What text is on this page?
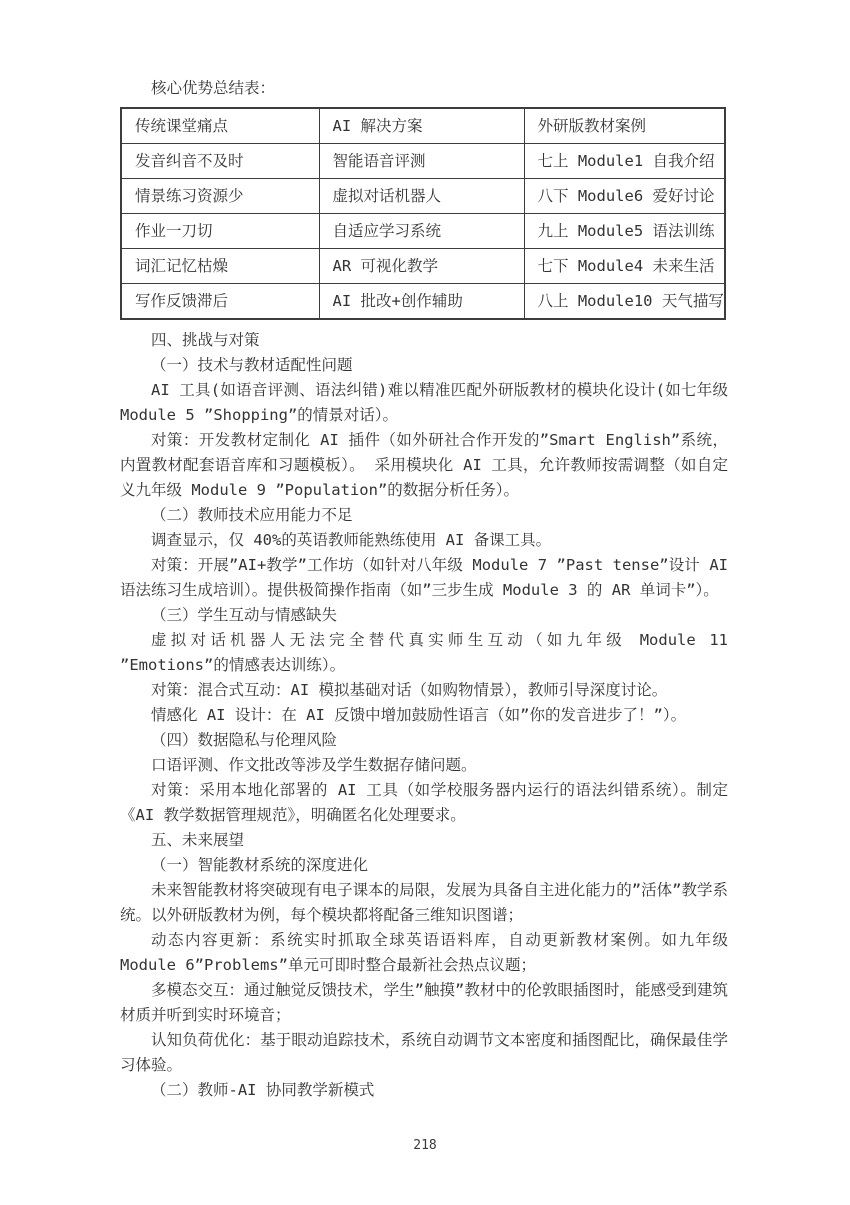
核心优势总结表：

传统课堂痛点	AI 解决方案	外研版教材案例
发音纠音不及时	智能语音评测	七上 Module1 自我介绍
情景练习资源少	虚拟对话机器人	八下 Module6 爱好讨论
作业一刀切	自适应学习系统	九上 Module5 语法训练
词汇记忆枯燥	AR 可视化教学	七下 Module4 未来生活
写作反馈滞后	AI 批改+创作辅助	八上 Module10 天气描写

四、挑战与对策

（一）技术与教材适配性问题

AI 工具(如语音评测、语法纠错)难以精准匹配外研版教材的模块化设计(如七年级 Module 5 ”Shopping”的情景对话）。

对策：开发教材定制化 AI 插件（如外研社合作开发的”Smart English”系统，内置教材配套语音库和习题模板）。 采用模块化 AI 工具，允许教师按需调整（如自定义九年级 Module 9 ”Population”的数据分析任务）。

（二）教师技术应用能力不足

调查显示，仅 40%的英语教师能熟练使用 AI 备课工具。

对策：开展”AI+教学”工作坊（如针对八年级 Module 7 ”Past tense”设计 AI 语法练习生成培训）。提供极简操作指南（如”三步生成 Module 3 的 AR 单词卡”）。

（三）学生互动与情感缺失

虚拟对话机器人无法完全替代真实师生互动（如九年级 Module 11 ”Emotions”的情感表达训练）。

对策：混合式互动：AI 模拟基础对话（如购物情景），教师引导深度讨论。

情感化 AI 设计：在 AI 反馈中增加鼓励性语言（如”你的发音进步了！”）。

（四）数据隐私与伦理风险

口语评测、作文批改等涉及学生数据存储问题。

对策：采用本地化部署的 AI 工具（如学校服务器内运行的语法纠错系统）。制定《AI 教学数据管理规范》，明确匿名化处理要求。

五、未来展望

（一）智能教材系统的深度进化

未来智能教材将突破现有电子课本的局限，发展为具备自主进化能力的”活体”教学系统。以外研版教材为例，每个模块都将配备三维知识图谱；

动态内容更新：系统实时抓取全球英语语料库，自动更新教材案例。如九年级 Module 6”Problems”单元可即时整合最新社会热点议题；

多模态交互：通过触觉反馈技术，学生”触摸”教材中的伦敦眼插图时，能感受到建筑材质并听到实时环境音；

认知负荷优化：基于眼动追踪技术，系统自动调节文本密度和插图配比，确保最佳学习体验。

（二）教师-AI 协同教学新模式

218
